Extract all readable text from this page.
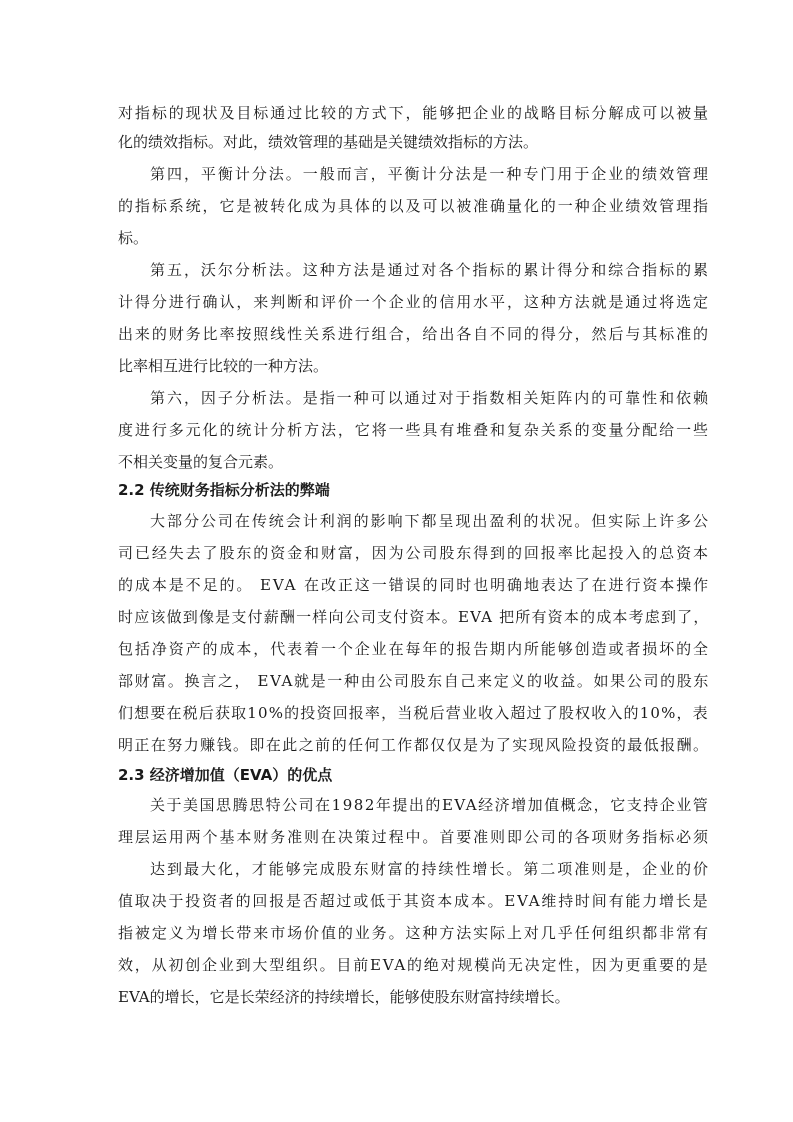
对指标的现状及目标通过比较的方式下，能够把企业的战略目标分解成可以被量
化的绩效指标。对此，绩效管理的基础是关键绩效指标的方法。
第四，平衡计分法。一般而言，平衡计分法是一种专门用于企业的绩效管理
的指标系统，它是被转化成为具体的以及可以被准确量化的一种企业绩效管理指
标。
第五，沃尔分析法。这种方法是通过对各个指标的累计得分和综合指标的累
计得分进行确认，来判断和评价一个企业的信用水平，这种方法就是通过将选定
出来的财务比率按照线性关系进行组合，给出各自不同的得分，然后与其标准的
比率相互进行比较的一种方法。
第六，因子分析法。是指一种可以通过对于指数相关矩阵内的可靠性和依赖
度进行多元化的统计分析方法，它将一些具有堆叠和复杂关系的变量分配给一些
不相关变量的复合元素。
2.2 传统财务指标分析法的弊端
大部分公司在传统会计利润的影响下都呈现出盈利的状况。但实际上许多公
司已经失去了股东的资金和财富，因为公司股东得到的回报率比起投入的总资本
的成本是不足的。 EVA 在改正这一错误的同时也明确地表达了在进行资本操作
时应该做到像是支付薪酬一样向公司支付资本。EVA 把所有资本的成本考虑到了，
包括净资产的成本，代表着一个企业在每年的报告期内所能够创造或者损坏的全
部财富。换言之， EVA就是一种由公司股东自己来定义的收益。如果公司的股东
们想要在税后获取10%的投资回报率，当税后营业收入超过了股权收入的10%，表
明正在努力赚钱。即在此之前的任何工作都仅仅是为了实现风险投资的最低报酬。
2.3 经济增加值（EVA）的优点
关于美国思腾思特公司在1982年提出的EVA经济增加值概念，它支持企业管
理层运用两个基本财务准则在决策过程中。首要准则即公司的各项财务指标必须
达到最大化，才能够完成股东财富的持续性增长。第二项准则是，企业的价
值取决于投资者的回报是否超过或低于其资本成本。EVA维持时间有能力增长是
指被定义为增长带来市场价值的业务。这种方法实际上对几乎任何组织都非常有
效，从初创企业到大型组织。目前EVA的绝对规模尚无决定性，因为更重要的是
EVA的增长，它是长荣经济的持续增长，能够使股东财富持续增长。
